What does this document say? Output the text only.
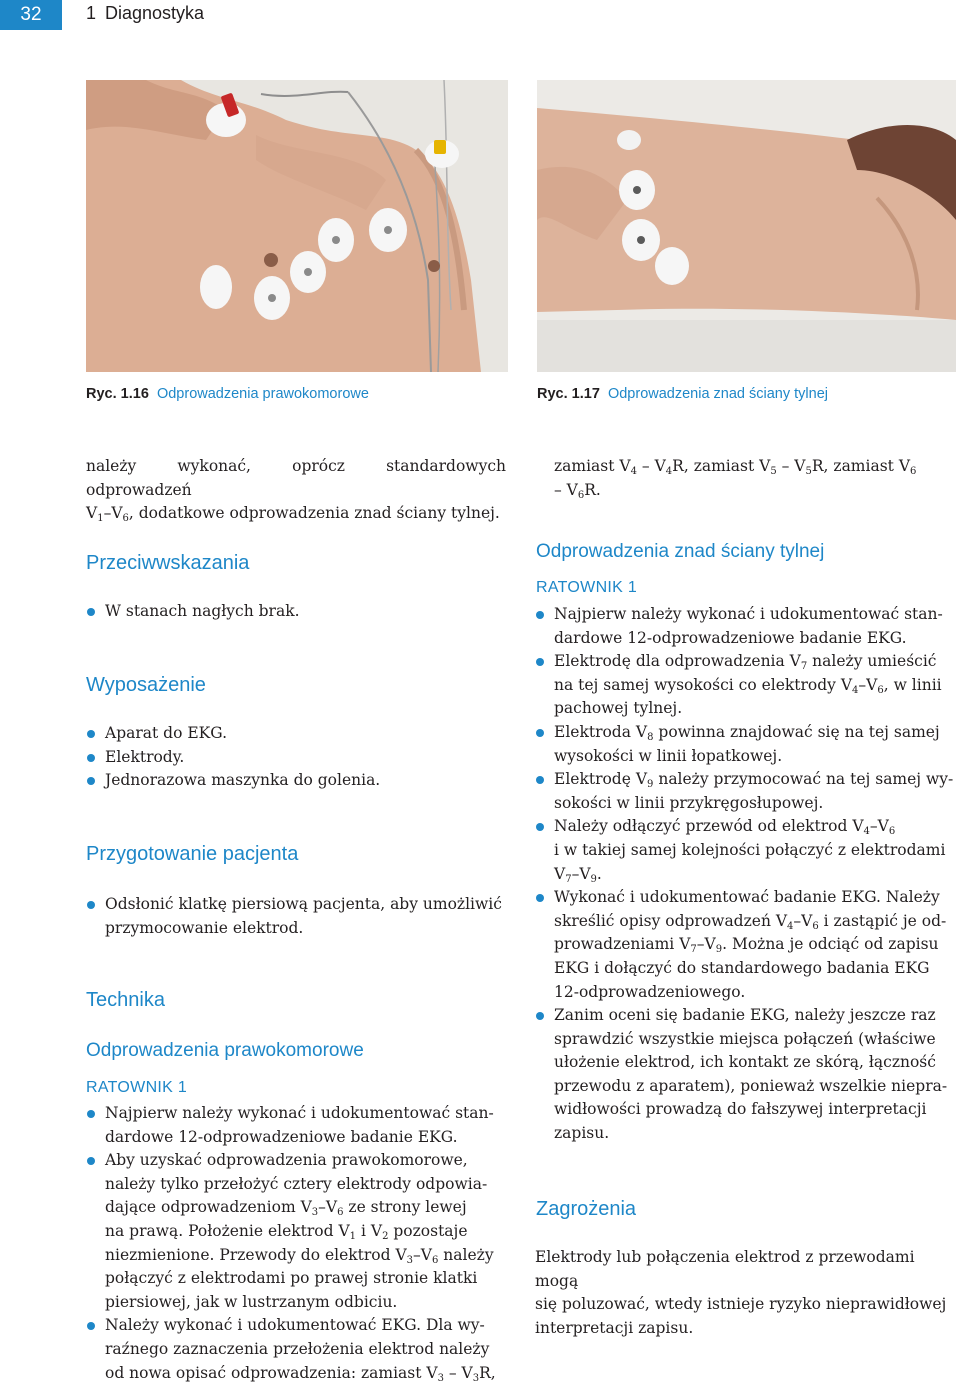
32	1 Diagnostyka
Ryc. 1.16 Odprowadzenia prawokomorowe	Ryc. 1.17 Odprowadzenia znad ściany tylnej
należy wykonać, oprócz standardowych odprowadzeń
$V_1-V_6$, dodatkowe odprowadzenia znad ściany tylnej.
Przeciwwskazania
W stanach nagłych brak.
Wyposażenie
Aparat do EKG.
Elektrody.
Jednorazowa maszynka do golenia.
Przygotowanie pacjenta
Odsłonić klatkę piersiową pacjenta, aby umożliwić
przymocowanie elektrod.
Technika
Odprowadzenia prawokomorowe
RATOWNIK 1
Najpierw należy wykonać i udokumentować stan-
dardowe 12-odprowadzeniowe badanie EKG.
Aby uzyskać odprowadzenia prawokomorowe,
należy tylko przełożyć cztery elektrody odpowia-
dające odprowadzeniom $V_3-V_6$ ze strony lewej
na prawą. Położenie elektrod $V_1$ i $V_2$ pozostaje
niezmienione. Przewody do elektrod $V_3-V_6$ należy
połączyć z elektrodami po prawej stronie klatki
piersiowej, jak w lustrzanym odbiciu.
Należy wykonać i udokumentować EKG. Dla wy-
raźnego zaznaczenia przełożenia elektrod należy
od nowa opisać odprowadzenia: zamiast $V_3 - V_3R$,
zamiast $V_4 - V_4R$, zamiast $V_5 - V_5R$, zamiast $V_6$
– $V_6R$.
Odprowadzenia znad ściany tylnej
RATOWNIK 1
Najpierw należy wykonać i udokumentować stan-
dardowe 12-odprowadzeniowe badanie EKG.
Elektrodę dla odprowadzenia $V_7$ należy umieścić
na tej samej wysokości co elektrody $V_4-V_6$, w linii
pachowej tylnej.
Elektroda $V_8$ powinna znajdować się na tej samej
wysokości w linii łopatkowej.
Elektrodę $V_9$ należy przymocować na tej samej wy-
sokości w linii przykręgosłupowej.
Należy odłączyć przewód od elektrod $V_4-V_6$
i w takiej samej kolejności połączyć z elektrodami
$V_7-V_9$.
Wykonać i udokumentować badanie EKG. Należy
skreślić opisy odprowadzeń $V_4-V_6$ i zastąpić je od-
prowadzeniami $V_7-V_9$. Można je odciąć od zapisu
EKG i dołączyć do standardowego badania EKG
12-odprowadzeniowego.
Zanim oceni się badanie EKG, należy jeszcze raz
sprawdzić wszystkie miejsca połączeń (właściwe
ułożenie elektrod, ich kontakt ze skórą, łączność
przewodu z aparatem), ponieważ wszelkie niepra-
widłowości prowadzą do fałszywej interpretacji
zapisu.
Zagrożenia
Elektrody lub połączenia elektrod z przewodami mogą
się poluzować, wtedy istnieje ryzyko nieprawidłowej
interpretacji zapisu.
